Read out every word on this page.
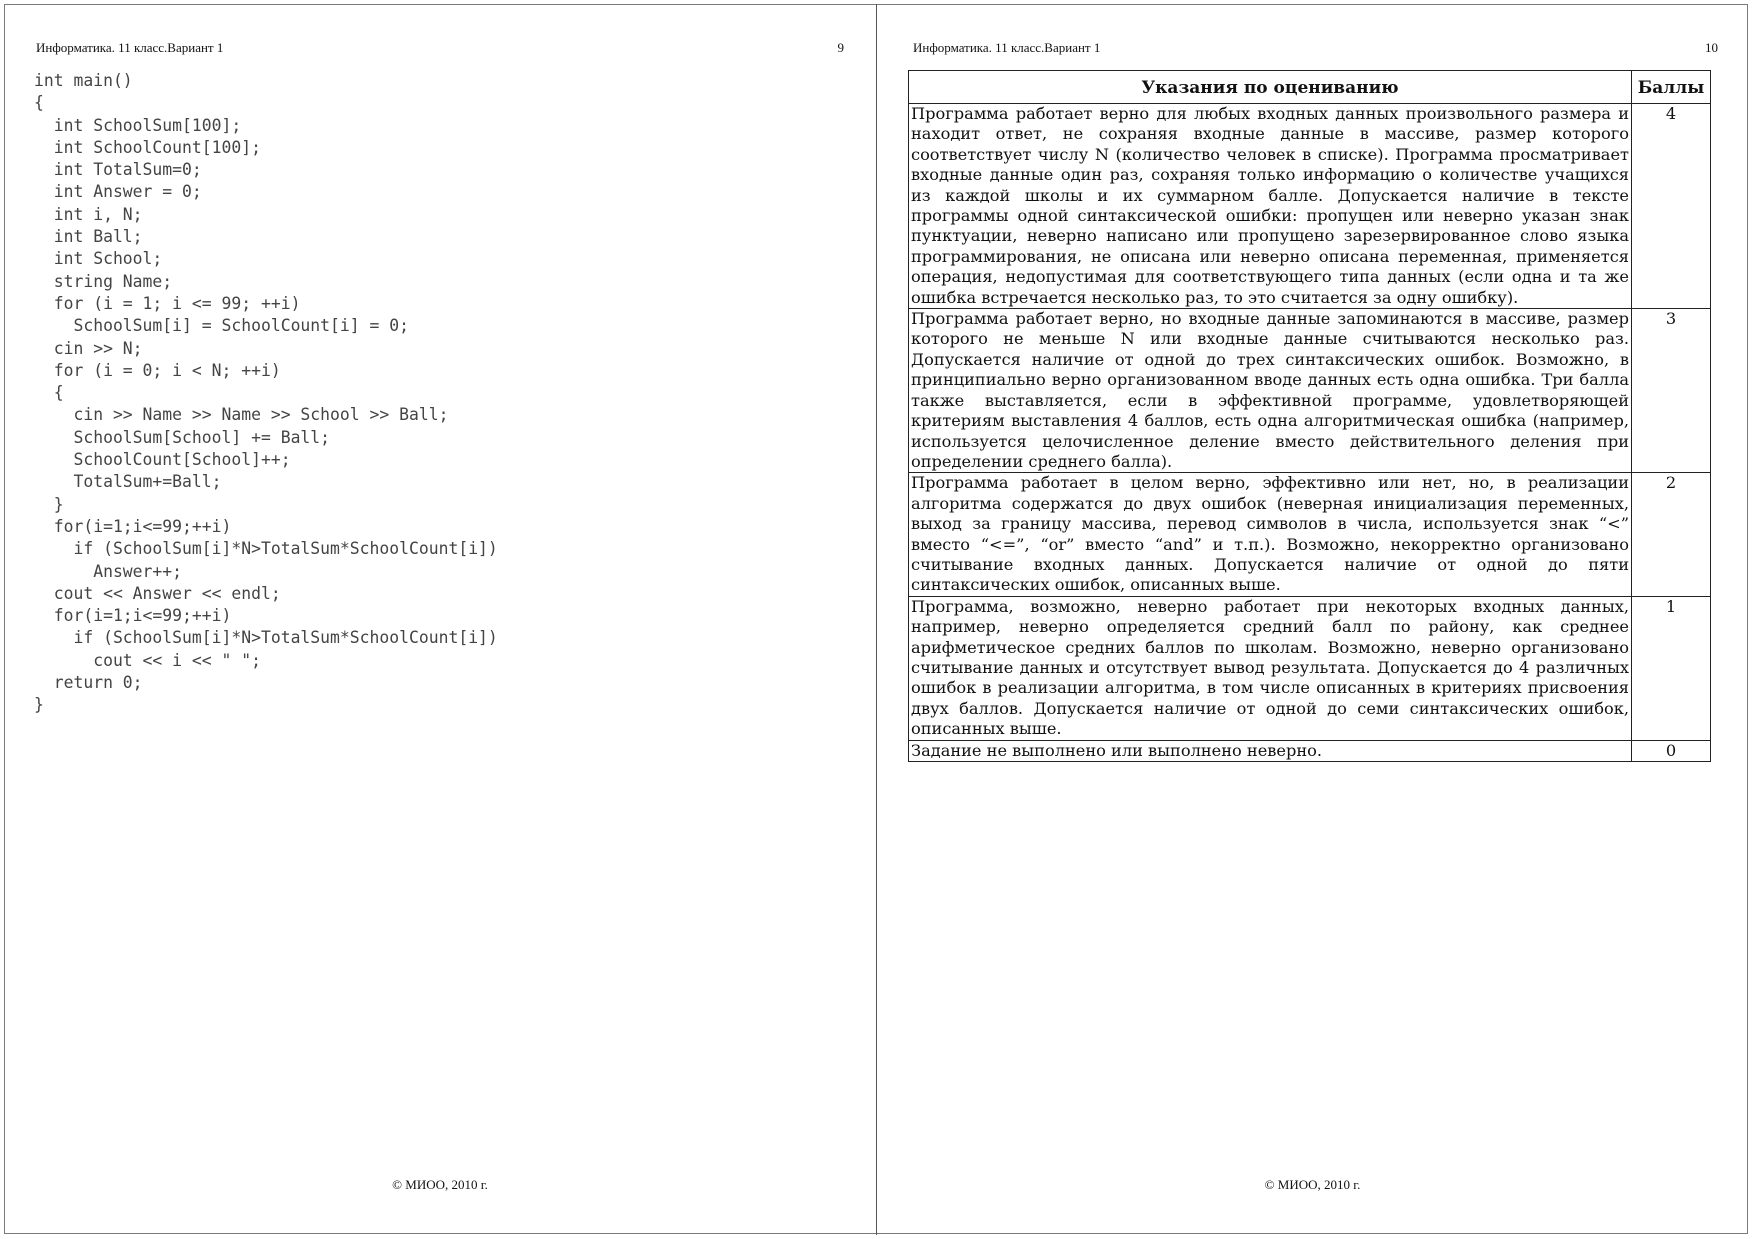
Информатика. 11 класс.Вариант 1	9
int main()
{
int SchoolSum[100];
int SchoolCount[100];
int TotalSum=0;
int Answer = 0;
int i, N;
int Ball;
int School;
string Name;
for (i = 1; i <= 99; ++i)
SchoolSum[i] = SchoolCount[i] = 0;
cin >> N;
for (i = 0; i < N; ++i)
{
cin >> Name >> Name >> School >> Ball;
SchoolSum[School] += Ball;
SchoolCount[School]++;
TotalSum+=Ball;
}
for(i=1;i<=99;++i)
if (SchoolSum[i]*N>TotalSum*SchoolCount[i])
Answer++;
cout << Answer << endl;
for(i=1;i<=99;++i)
if (SchoolSum[i]*N>TotalSum*SchoolCount[i])
cout << i << " ";
return 0;
}
© МИОО, 2010 г.
Информатика. 11 класс.Вариант 1	10
Указания по оцениванию	Баллы
Программа работает верно для любых входных данных произвольного размера и находит ответ, не сохраняя входные данные в массиве, размер которого соответствует числу N (количество человек в списке). Программа просматривает входные данные один раз, сохраняя только информацию о количестве учащихся из каждой школы и их суммарном балле. Допускается наличие в тексте программы одной синтаксической ошибки: пропущен или неверно указан знак пунктуации, неверно написано или пропущено зарезервированное слово языка программирования, не описана или неверно описана переменная, применяется операция, недопустимая для соответствующего типа данных (если одна и та же ошибка встречается несколько раз, то это считается за одну ошибку).	4
Программа работает верно, но входные данные запоминаются в массиве, размер которого не меньше N или входные данные считываются несколько раз. Допускается наличие от одной до трех синтаксических ошибок. Возможно, в принципиально верно организованном вводе данных есть одна ошибка. Три балла также выставляется, если в эффективной программе, удовлетворяющей критериям выставления 4 баллов, есть одна алгоритмическая ошибка (например, используется целочисленное деление вместо действительного деления при определении среднего балла).	3
Программа работает в целом верно, эффективно или нет, но, в реализации алгоритма содержатся до двух ошибок (неверная инициализация переменных, выход за границу массива, перевод символов в числа, используется знак “<” вместо “<=”, “or” вместо “and” и т.п.). Возможно, некорректно организовано считывание входных данных. Допускается наличие от одной до пяти синтаксических ошибок, описанных выше.	2
Программа, возможно, неверно работает при некоторых входных данных, например, неверно определяется средний балл по району, как среднее арифметическое средних баллов по школам. Возможно, неверно организовано считывание данных и отсутствует вывод результата. Допускается до 4 различных ошибок в реализации алгоритма, в том числе описанных в критериях присвоения двух баллов. Допускается наличие от одной до семи синтаксических ошибок, описанных выше.	1
Задание не выполнено или выполнено неверно.	0
© МИОО, 2010 г.
